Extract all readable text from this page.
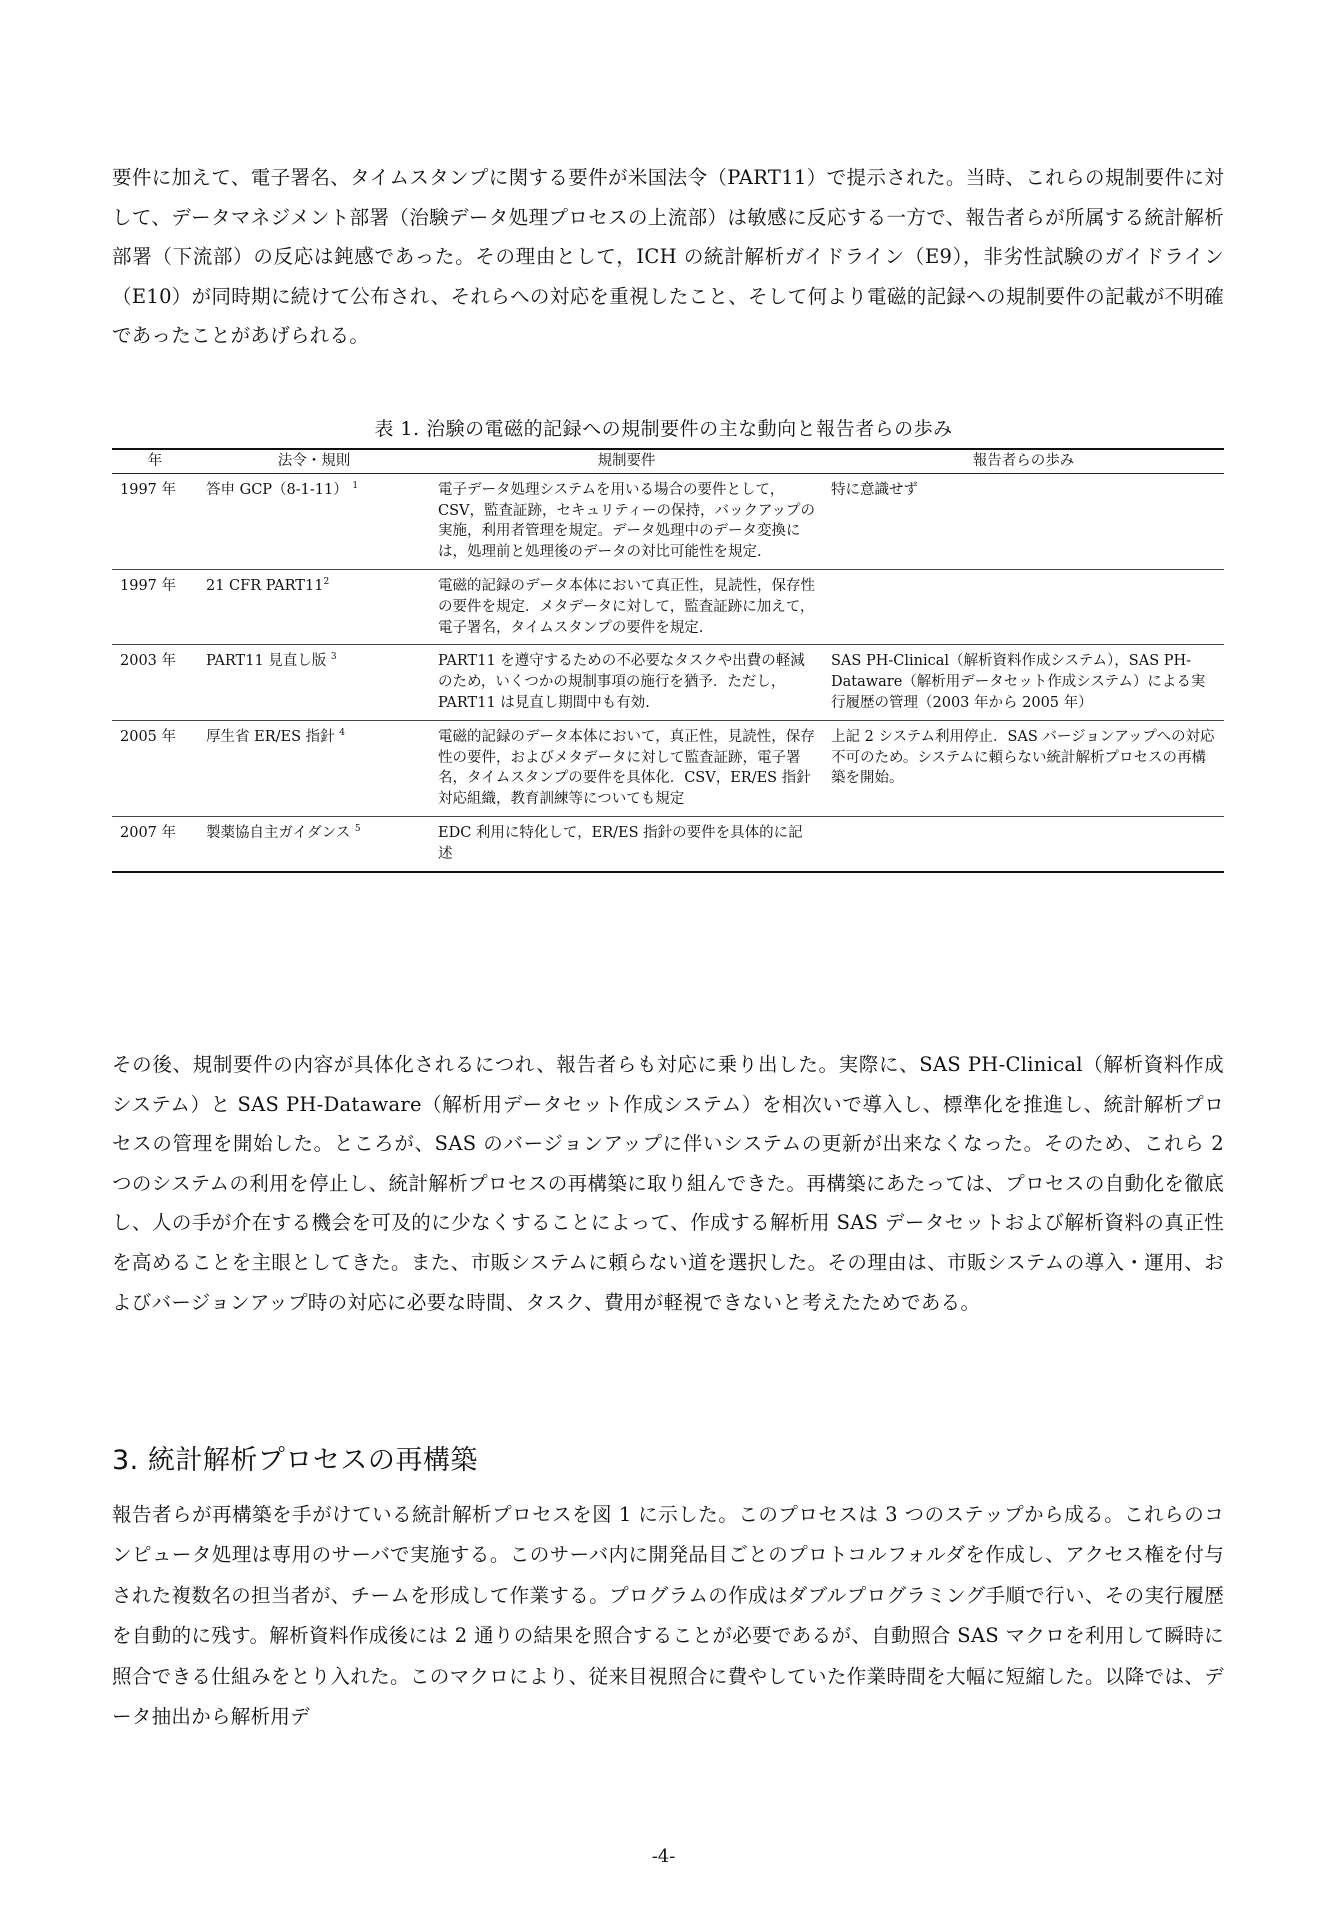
要件に加えて、電子署名、タイムスタンプに関する要件が米国法令（PART11）で提示された。当時、これらの規制要件に対して、データマネジメント部署（治験データ処理プロセスの上流部）は敏感に反応する一方で、報告者らが所属する統計解析部署（下流部）の反応は鈍感であった。その理由として，ICH の統計解析ガイドライン（E9），非劣性試験のガイドライン（E10）が同時期に続けて公布され、それらへの対応を重視したこと、そして何より電磁的記録への規制要件の記載が不明確であったことがあげられる。

表 1. 治験の電磁的記録への規制要件の主な動向と報告者らの歩み
年	法令・規則	規制要件	報告者らの歩み
1997 年	答申 GCP（8-1-11） $^1$	電子データ処理システムを用いる場合の要件として，CSV，監査証跡，セキュリティーの保持，バックアップの実施，利用者管理を規定。データ処理中のデータ変換には，処理前と処理後のデータの対比可能性を規定.	特に意識せず
1997 年	21 CFR $PART11^2$	電磁的記録のデータ本体において真正性，見読性，保存性の要件を規定．メタデータに対して，監査証跡に加えて，電子署名，タイムスタンプの要件を規定.	
2003 年	PART11 見直し版 $^3$	PART11 を遵守するための不必要なタスクや出費の軽減のため，いくつかの規制事項の施行を猶予．ただし，PART11 は見直し期間中も有効.	SAS PH-Clinical（解析資料作成システム），SAS PH-Dataware（解析用データセット作成システム）による実行履歴の管理（2003 年から 2005 年）
2005 年	厚生省 ER/ES 指針 $^4$	電磁的記録のデータ本体において，真正性，見読性，保存性の要件，およびメタデータに対して監査証跡，電子署名，タイムスタンプの要件を具体化．CSV，ER/ES 指針対応組織，教育訓練等についても規定	上記 2 システム利用停止．SAS バージョンアップへの対応不可のため。システムに頼らない統計解析プロセスの再構築を開始。
2007 年	製薬協自主ガイダンス $^5$	EDC 利用に特化して，ER/ES 指針の要件を具体的に記述	

その後、規制要件の内容が具体化されるにつれ、報告者らも対応に乗り出した。実際に、SAS PH-Clinical（解析資料作成システム）と SAS PH-Dataware（解析用データセット作成システム）を相次いで導入し、標準化を推進し、統計解析プロセスの管理を開始した。ところが、SAS のバージョンアップに伴いシステムの更新が出来なくなった。そのため、これら 2 つのシステムの利用を停止し、統計解析プロセスの再構築に取り組んできた。再構築にあたっては、プロセスの自動化を徹底し、人の手が介在する機会を可及的に少なくすることによって、作成する解析用 SAS データセットおよび解析資料の真正性を高めることを主眼としてきた。また、市販システムに頼らない道を選択した。その理由は、市販システムの導入・運用、およびバージョンアップ時の対応に必要な時間、タスク、費用が軽視できないと考えたためである。

3. 統計解析プロセスの再構築

報告者らが再構築を手がけている統計解析プロセスを図 1 に示した。このプロセスは 3 つのステップから成る。これらのコンピュータ処理は専用のサーバで実施する。このサーバ内に開発品目ごとのプロトコルフォルダを作成し、アクセス権を付与された複数名の担当者が、チームを形成して作業する。プログラムの作成はダブルプログラミング手順で行い、その実行履歴を自動的に残す。解析資料作成後には 2 通りの結果を照合することが必要であるが、自動照合 SAS マクロを利用して瞬時に照合できる仕組みをとり入れた。このマクロにより、従来目視照合に費やしていた作業時間を大幅に短縮した。以降では、データ抽出から解析用デ

-4-
